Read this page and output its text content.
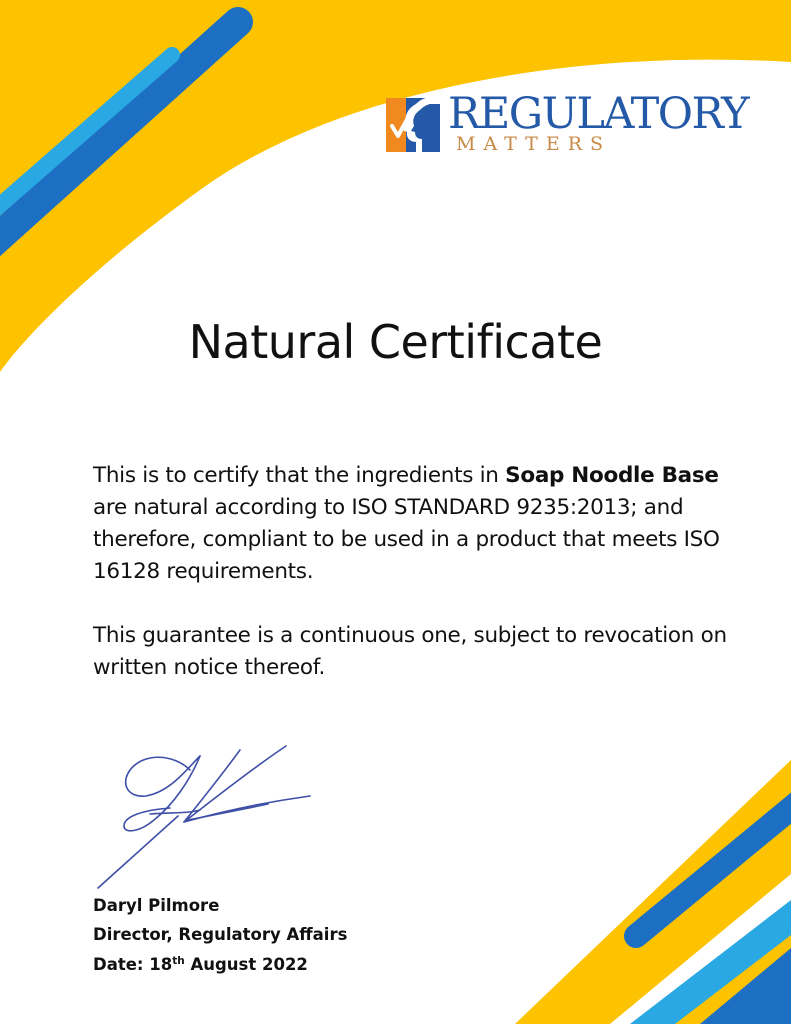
REGULATORY
MATTERS
Natural Certificate

This is to certify that the ingredients in Soap Noodle Base are natural according to ISO STANDARD 9235:2013; and therefore, compliant to be used in a product that meets ISO 16128 requirements.

This guarantee is a continuous one, subject to revocation on written notice thereof.

Daryl Pilmore
Director, Regulatory Affairs
Date: 18th August 2022
